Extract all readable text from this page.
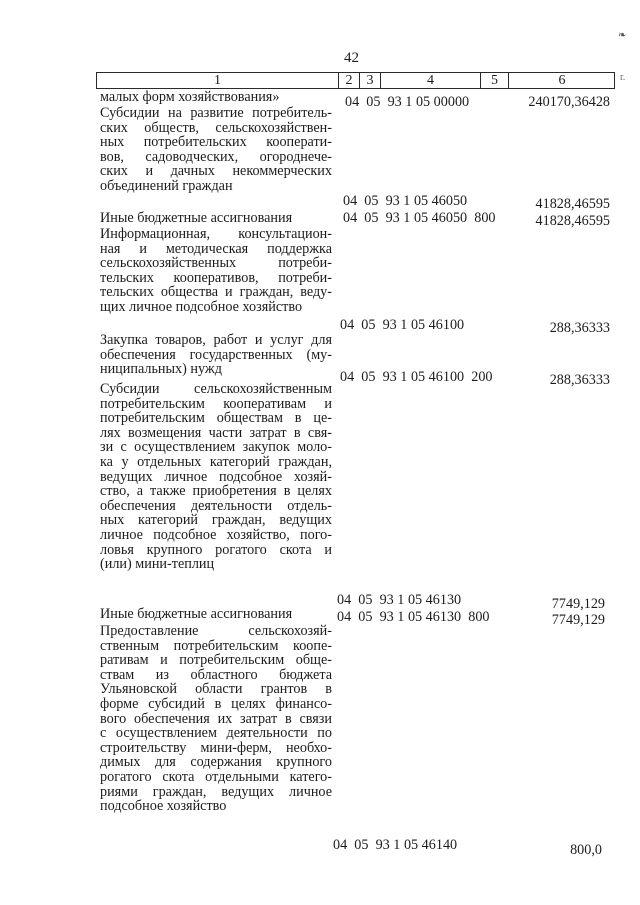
42
❧
1	2	3	4	5	6	r.
малых форм хозяйствования»	04  05  93 1 05 00000	240170,36428
Субсидии на развитие потребитель-
ских обществ, сельскохозяйствен-
ных потребительских кооперати-
вов, садоводческих, огороднече-
ских и дачных некоммерческих
объединений граждан
04  05  93 1 05 46050	41828,46595
Иные бюджетные ассигнования	04  05  93 1 05 46050  800	41828,46595
Информационная, консультацион-
ная и методическая поддержка
сельскохозяйственных потреби-
тельских кооперативов, потреби-
тельских общества и граждан, веду-
щих личное подсобное хозяйство
04  05  93 1 05 46100	288,36333
Закупка товаров, работ и услуг для
обеспечения государственных (му-
ниципальных) нужд	04  05  93 1 05 46100  200	288,36333
Субсидии сельскохозяйственным
потребительским кооперативам и
потребительским обществам в це-
лях возмещения части затрат в свя-
зи с осуществлением закупок моло-
ка у отдельных категорий граждан,
ведущих личное подсобное хозяй-
ство, а также приобретения в целях
обеспечения деятельности отдель-
ных категорий граждан, ведущих
личное подсобное хозяйство, пого-
ловья крупного рогатого скота и
(или) мини-теплиц
04  05  93 1 05 46130	7749,129
Иные бюджетные ассигнования	04  05  93 1 05 46130  800	7749,129
Предоставление сельскохозяй-
ственным потребительским коопе-
ративам и потребительским обще-
ствам из областного бюджета
Ульяновской области грантов в
форме субсидий в целях финансо-
вого обеспечения их затрат в связи
с осуществлением деятельности по
строительству мини-ферм, необхо-
димых для содержания крупного
рогатого скота отдельными катего-
риями граждан, ведущих личное
подсобное хозяйство
04  05  93 1 05 46140	800,0
